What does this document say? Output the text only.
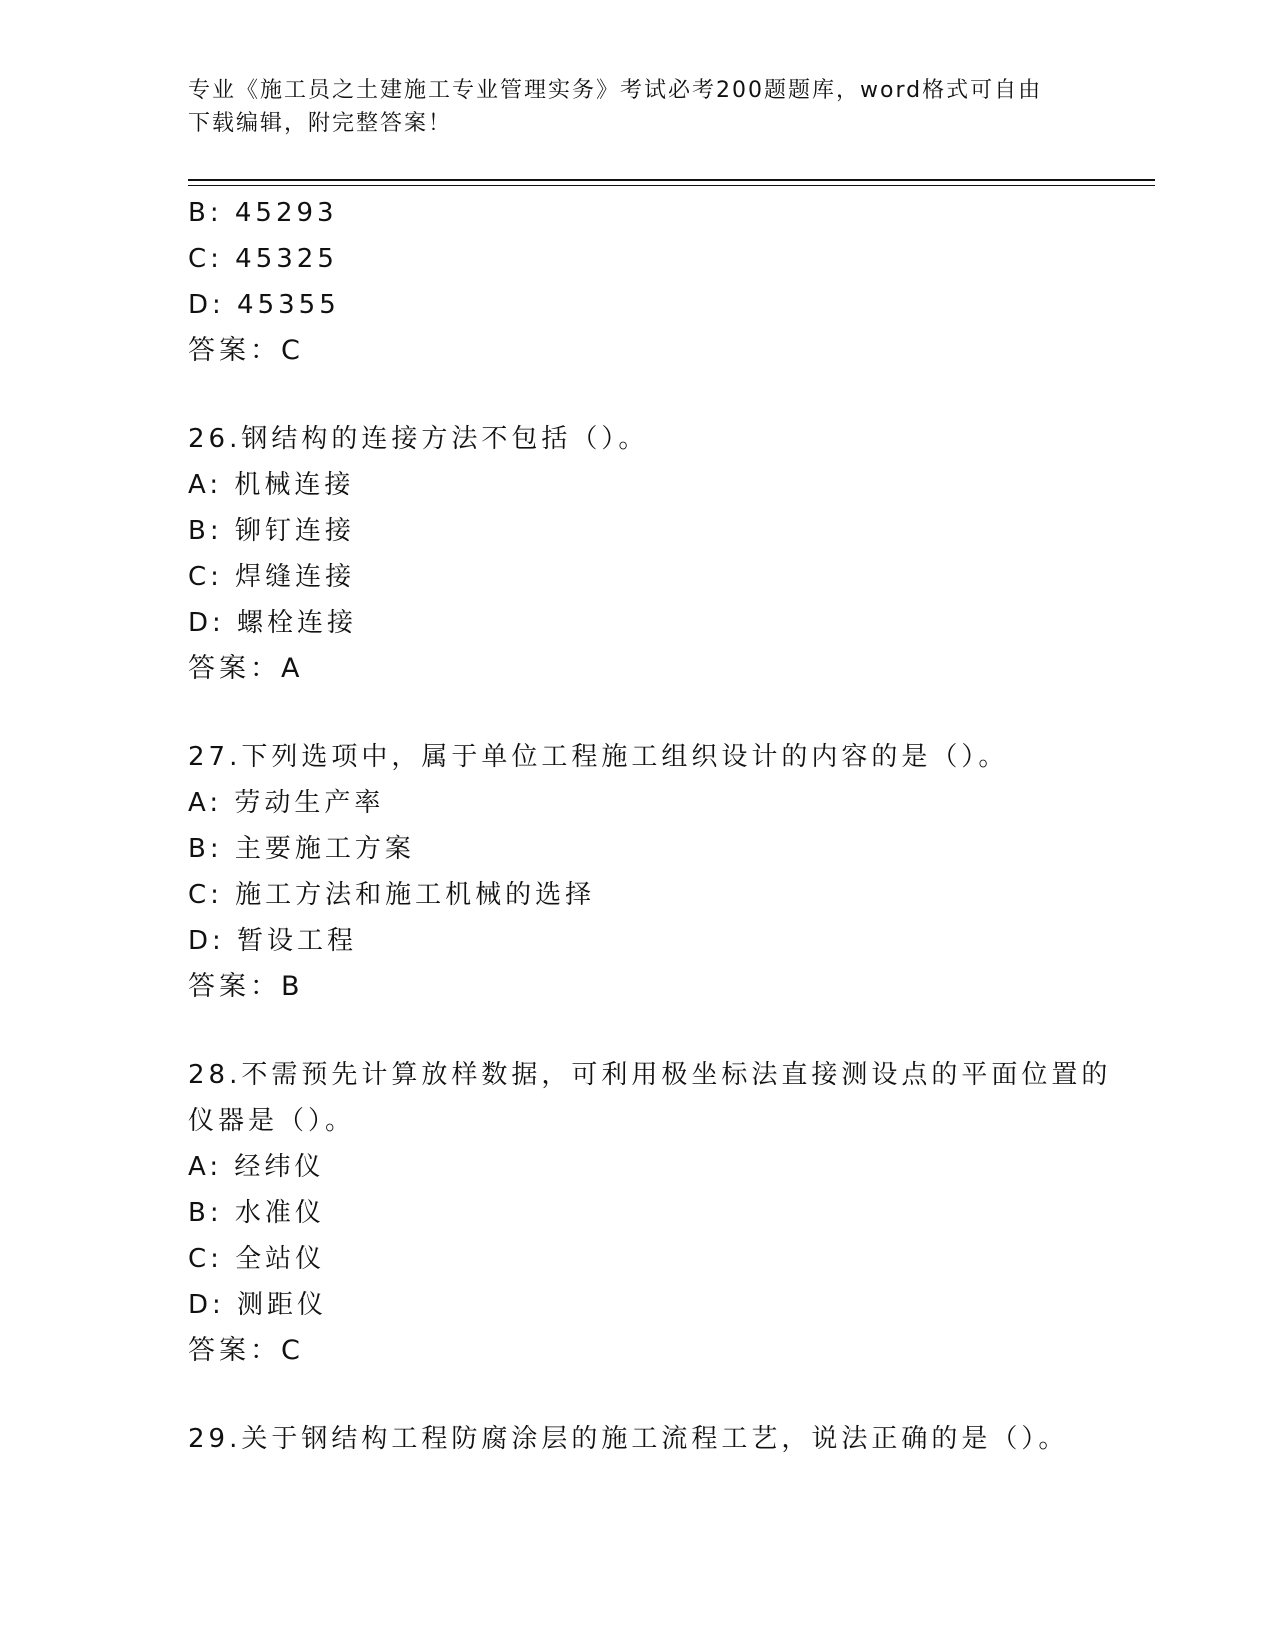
专业《施工员之土建施工专业管理实务》考试必考200题题库，word格式可自由
下载编辑，附完整答案！
B: 45293
C: 45325
D: 45355
答案：C
26.钢结构的连接方法不包括（）。
A: 机械连接
B: 铆钉连接
C: 焊缝连接
D: 螺栓连接
答案：A
27.下列选项中，属于单位工程施工组织设计的内容的是（）。
A: 劳动生产率
B: 主要施工方案
C: 施工方法和施工机械的选择
D: 暂设工程
答案：B
28.不需预先计算放样数据，可利用极坐标法直接测设点的平面位置的
仪器是（）。
A: 经纬仪
B: 水准仪
C: 全站仪
D: 测距仪
答案：C
29.关于钢结构工程防腐涂层的施工流程工艺，说法正确的是（）。
